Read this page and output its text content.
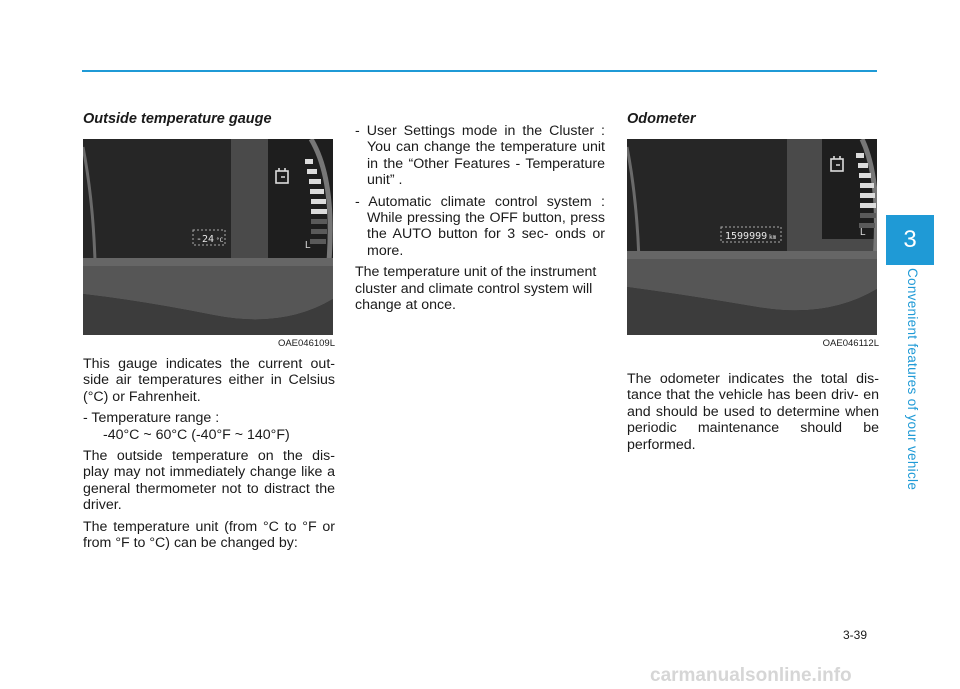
3
Convenient features of your vehicle
Outside temperature gauge
L
-24 °C
OAE046109L

This gauge indicates the current out- side air temperatures either in Celsius (°C) or Fahrenheit.

- Temperature range :
-40°C ~ 60°C (-40°F ~ 140°F)

The outside temperature on the dis- play may not immediately change like a general thermometer not to distract the driver.

The temperature unit (from °C to °F or from °F to °C) can be changed by:

- User Settings mode in the Cluster : You can change the temperature unit in the “Other Features - Temperature unit” .
- Automatic climate control system : While pressing the OFF button, press the AUTO button for 3 sec- onds or more.

The temperature unit of the instrument cluster and climate control system will change at once.

Odometer
L
1599999 km
OAE046112L

The odometer indicates the total dis- tance that the vehicle has been driv- en and should be used to determine when periodic maintenance should be performed.

3-39
carmanualsonline.info
